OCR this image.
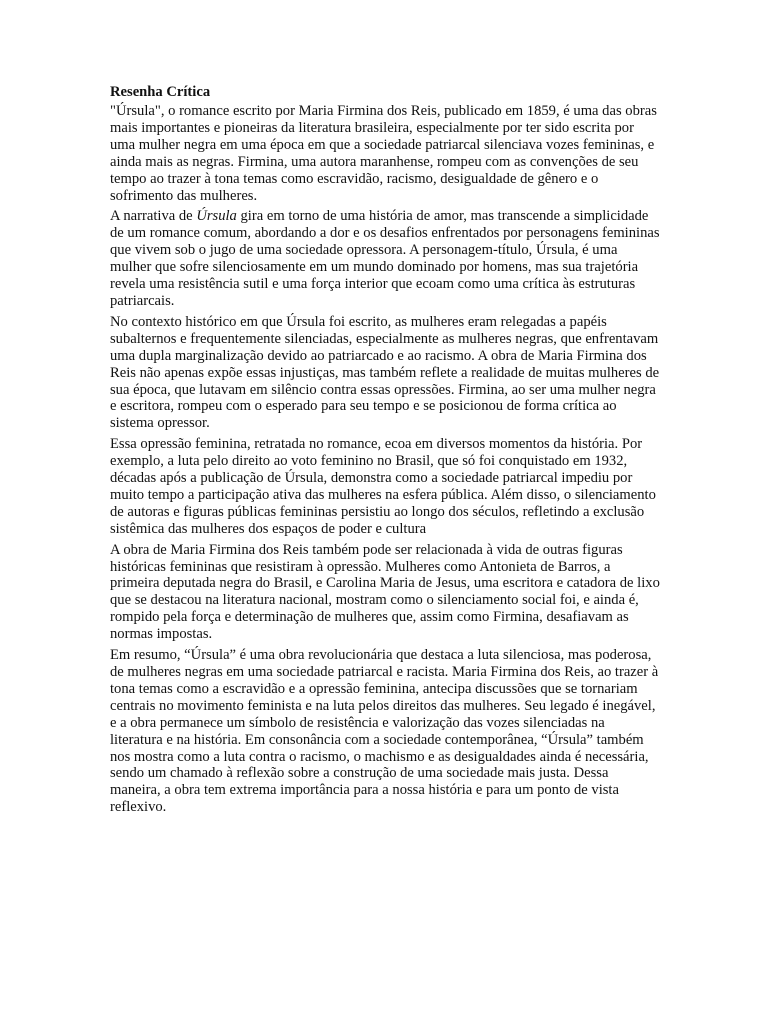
Resenha Crítica

"Úrsula", o romance escrito por Maria Firmina dos Reis, publicado em 1859, é uma das obras mais importantes e pioneiras da literatura brasileira, especialmente por ter sido escrita por uma mulher negra em uma época em que a sociedade patriarcal silenciava vozes femininas, e ainda mais as negras. Firmina, uma autora maranhense, rompeu com as convenções de seu tempo ao trazer à tona temas como escravidão, racismo, desigualdade de gênero e o sofrimento das mulheres.

A narrativa de Úrsula gira em torno de uma história de amor, mas transcende a simplicidade de um romance comum, abordando a dor e os desafios enfrentados por personagens femininas que vivem sob o jugo de uma sociedade opressora. A personagem-título, Úrsula, é uma mulher que sofre silenciosamente em um mundo dominado por homens, mas sua trajetória revela uma resistência sutil e uma força interior que ecoam como uma crítica às estruturas patriarcais.

No contexto histórico em que Úrsula foi escrito, as mulheres eram relegadas a papéis subalternos e frequentemente silenciadas, especialmente as mulheres negras, que enfrentavam uma dupla marginalização devido ao patriarcado e ao racismo. A obra de Maria Firmina dos Reis não apenas expõe essas injustiças, mas também reflete a realidade de muitas mulheres de sua época, que lutavam em silêncio contra essas opressões. Firmina, ao ser uma mulher negra e escritora, rompeu com o esperado para seu tempo e se posicionou de forma crítica ao sistema opressor.

Essa opressão feminina, retratada no romance, ecoa em diversos momentos da história. Por exemplo, a luta pelo direito ao voto feminino no Brasil, que só foi conquistado em 1932, décadas após a publicação de Úrsula, demonstra como a sociedade patriarcal impediu por muito tempo a participação ativa das mulheres na esfera pública. Além disso, o silenciamento de autoras e figuras públicas femininas persistiu ao longo dos séculos, refletindo a exclusão sistêmica das mulheres dos espaços de poder e cultura

A obra de Maria Firmina dos Reis também pode ser relacionada à vida de outras figuras históricas femininas que resistiram à opressão. Mulheres como Antonieta de Barros, a primeira deputada negra do Brasil, e Carolina Maria de Jesus, uma escritora e catadora de lixo que se destacou na literatura nacional, mostram como o silenciamento social foi, e ainda é, rompido pela força e determinação de mulheres que, assim como Firmina, desafiavam as normas impostas.

Em resumo, “Úrsula” é uma obra revolucionária que destaca a luta silenciosa, mas poderosa, de mulheres negras em uma sociedade patriarcal e racista. Maria Firmina dos Reis, ao trazer à tona temas como a escravidão e a opressão feminina, antecipa discussões que se tornariam centrais no movimento feminista e na luta pelos direitos das mulheres. Seu legado é inegável, e a obra permanece um símbolo de resistência e valorização das vozes silenciadas na literatura e na história. Em consonância com a sociedade contemporânea, “Úrsula” também nos mostra como a luta contra o racismo, o machismo e as desigualdades ainda é necessária, sendo um chamado à reflexão sobre a construção de uma sociedade mais justa. Dessa maneira, a obra tem extrema importância para a nossa história e para um ponto de vista reflexivo.
